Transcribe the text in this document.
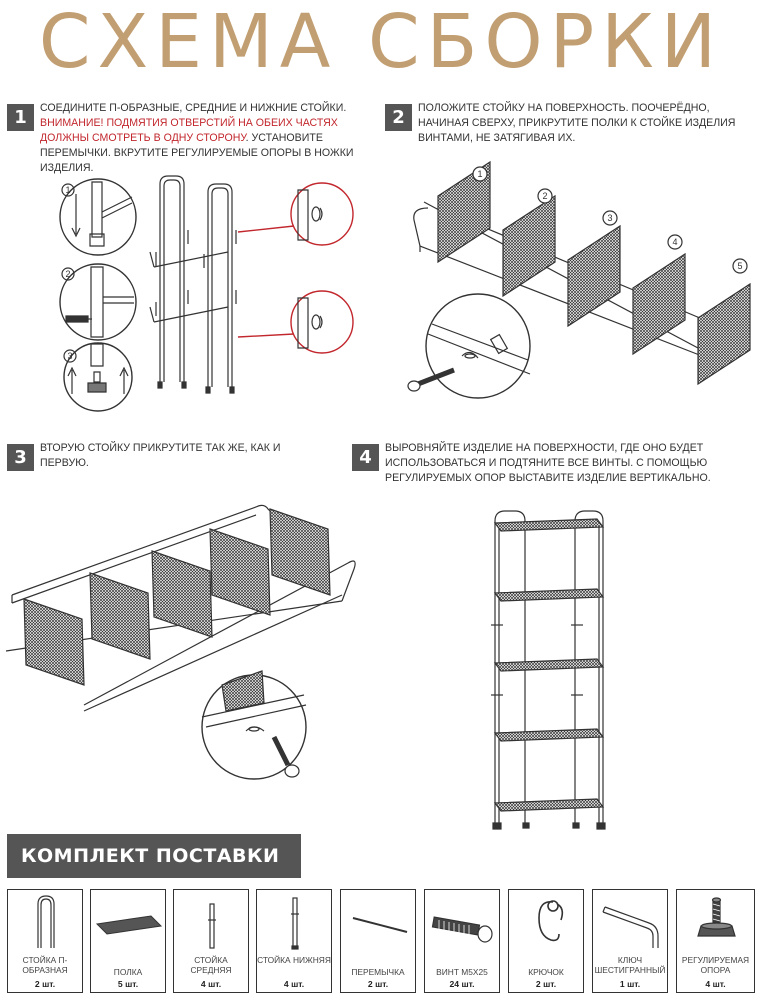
СХЕМА СБОРКИ
1	СОЕДИНИТЕ П-ОБРАЗНЫЕ, СРЕДНИЕ И НИЖНИЕ СТОЙКИ. ВНИМАНИЕ! ПОДМЯТИЯ ОТВЕРСТИЙ НА ОБЕИХ ЧАСТЯХ ДОЛЖНЫ СМОТРЕТЬ В ОДНУ СТОРОНУ. УСТАНОВИТЕ ПЕРЕМЫЧКИ. ВКРУТИТЕ РЕГУЛИРУЕМЫЕ ОПОРЫ В НОЖКИ ИЗДЕЛИЯ.
1
2
3
2	ПОЛОЖИТЕ СТОЙКУ НА ПОВЕРХНОСТЬ. ПООЧЕРЁДНО, НАЧИНАЯ СВЕРХУ, ПРИКРУТИТЕ ПОЛКИ К СТОЙКЕ ИЗДЕЛИЯ ВИНТАМИ, НЕ ЗАТЯГИВАЯ ИХ.
1
2
3
4
5
3	ВТОРУЮ СТОЙКУ ПРИКРУТИТЕ ТАК ЖЕ, КАК И ПЕРВУЮ.	4	ВЫРОВНЯЙТЕ ИЗДЕЛИЕ НА ПОВЕРХНОСТИ, ГДЕ ОНО БУДЕТ ИСПОЛЬЗОВАТЬСЯ И ПОДТЯНИТЕ ВСЕ ВИНТЫ. С ПОМОЩЬЮ РЕГУЛИРУЕМЫХ ОПОР ВЫСТАВИТЕ ИЗДЕЛИЕ ВЕРТИКАЛЬНО.
КОМПЛЕКТ ПОСТАВКИ
СТОЙКА П-ОБРАЗНАЯ
2 шт.
ПОЛКА
5 шт.
СТОЙКА СРЕДНЯЯ
4 шт.
СТОЙКА НИЖНЯЯ
4 шт.
ПЕРЕМЫЧКА
2 шт.
ВИНТ М5Х25
24 шт.
КРЮЧОК
2 шт.
КЛЮЧ ШЕСТИГРАННЫЙ
1 шт.
РЕГУЛИРУЕМАЯ ОПОРА
4 шт.
